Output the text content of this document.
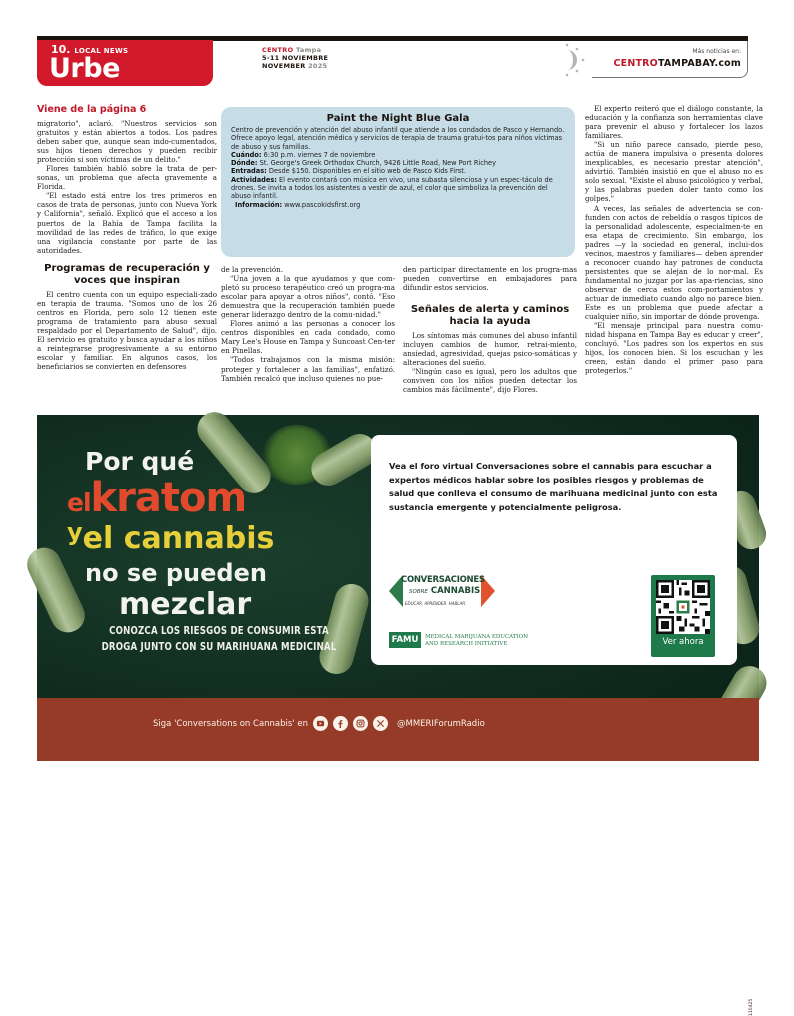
10. LOCAL NEWS
Urbe
CENTRO Tampa
5-11 NOVIEMBRE
NOVEMBER 2025
Más noticias en:
CENTROTAMPABAY.com
Viene de la página 6

migratorio", aclaró. "Nuestros servicios son gratuitos y están abiertos a todos. Los padres deben saber que, aunque sean indo-cumentados, sus hijos tienen derechos y pueden recibir protección si son víctimas de un delito."

Flores también habló sobre la trata de per-sonas, un problema que afecta gravemente a Florida.

"El estado está entre los tres primeros en casos de trata de personas, junto con Nueva York y California", señaló. Explicó que el acceso a los puertos de la Bahía de Tampa facilita la movilidad de las redes de tráfico, lo que exige una vigilancia constante por parte de las autoridades.

Programas de recuperación y voces que inspiran

El centro cuenta con un equipo especiali-zado en terapia de trauma. "Somos uno de los 26 centros en Florida, pero solo 12 tienen este programa de tratamiento para abuso sexual respaldado por el Departamento de Salud", dijo. El servicio es gratuito y busca ayudar a los niños a reintegrarse progresivamente a su entorno escolar y familiar. En algunos casos, los beneficiarios se convierten en defensores

Paint the Night Blue Gala
Centro de prevención y atención del abuso infantil que atiende a los condados de Pasco y Hernando. Ofrece apoyo legal, atención médica y servicios de terapia de trauma gratui-tos para niños víctimas de abuso y sus familias.
Cuándo: 6:30 p.m. viernes 7 de noviembre
Dónde: St. George's Greek Orthodox Church, 9426 Little Road, New Port Richey
Entradas: Desde $150. Disponibles en el sitio web de Pasco Kids First.
Actividades: El evento contará con música en vivo, una subasta silenciosa y un espec-táculo de drones. Se invita a todos los asistentes a vestir de azul, el color que simboliza la prevención del abuso infantil.
Información: www.pascokidsfirst.org

de la prevención.

"Una joven a la que ayudamos y que com-pletó su proceso terapéutico creó un progra-ma escolar para apoyar a otros niños", contó. "Eso demuestra que la recuperación también puede generar liderazgo dentro de la comu-nidad."

Flores animó a las personas a conocer los centros disponibles en cada condado, como Mary Lee's House en Tampa y Suncoast Cen-ter en Pinellas.

"Todos trabajamos con la misma misión: proteger y fortalecer a las familias", enfatizó. También recalcó que incluso quienes no pue-

den participar directamente en los progra-mas pueden convertirse en embajadores para difundir estos servicios.

Señales de alerta y caminos hacia la ayuda

Los síntomas más comunes del abuso infantil incluyen cambios de humor, retrai-miento, ansiedad, agresividad, quejas psico-somáticas y alteraciones del sueño.

"Ningún caso es igual, pero los adultos que conviven con los niños pueden detectar los cambios más fácilmente", dijo Flores.

El experto reiteró que el diálogo constante, la educación y la confianza son herramientas clave para prevenir el abuso y fortalecer los lazos familiares.

"Si un niño parece cansado, pierde peso, actúa de manera impulsiva o presenta dolores inexplicables, es necesario prestar atención", advirtió. También insistió en que el abuso no es solo sexual. "Existe el abuso psicológico y verbal, y las palabras pueden doler tanto como los golpes."

A veces, las señales de advertencia se con-funden con actos de rebeldía o rasgos típicos de la personalidad adolescente, especialmen-te en esa etapa de crecimiento. Sin embargo, los padres —y la sociedad en general, inclui-dos vecinos, maestros y familiares— deben aprender a reconocer cuando hay patrones de conducta persistentes que se alejan de lo nor-mal. Es fundamental no juzgar por las apa-riencias, sino observar de cerca estos com-portamientos y actuar de inmediato cuando algo no parece bien. Este es un problema que puede afectar a cualquier niño, sin importar de dónde provenga.

"El mensaje principal para nuestra comu-nidad hispana en Tampa Bay es educar y creer", concluyó. "Los padres son los expertos en sus hijos, los conocen bien. Si los escuchan y les creen, están dando el primer paso para protegerlos."

Por qué
elkratom
$^y$el cannabis
no se pueden
mezclar
CONOZCA LOS RIESGOS DE CONSUMIR ESTA
DROGA JUNTO CON SU MARIHUANA MEDICINAL
Vea el foro virtual Conversaciones sobre el cannabis para escuchar a expertos médicos hablar sobre los posibles riesgos y problemas de salud que conlleva el consumo de marihuana medicinal junto con esta sustancia emergente y potencialmente peligrosa.
CONVERSACIONES
SOBRE CANNABIS✱
EDUCAR. APRENDER. HABLAR.
FAMU	MEDICAL MARIJUANA EDUCATION
AND RESEARCH INITIATIVE	Ver ahora
Siga 'Conversations on Cannabis' en	@MMERIForumRadio
110425
